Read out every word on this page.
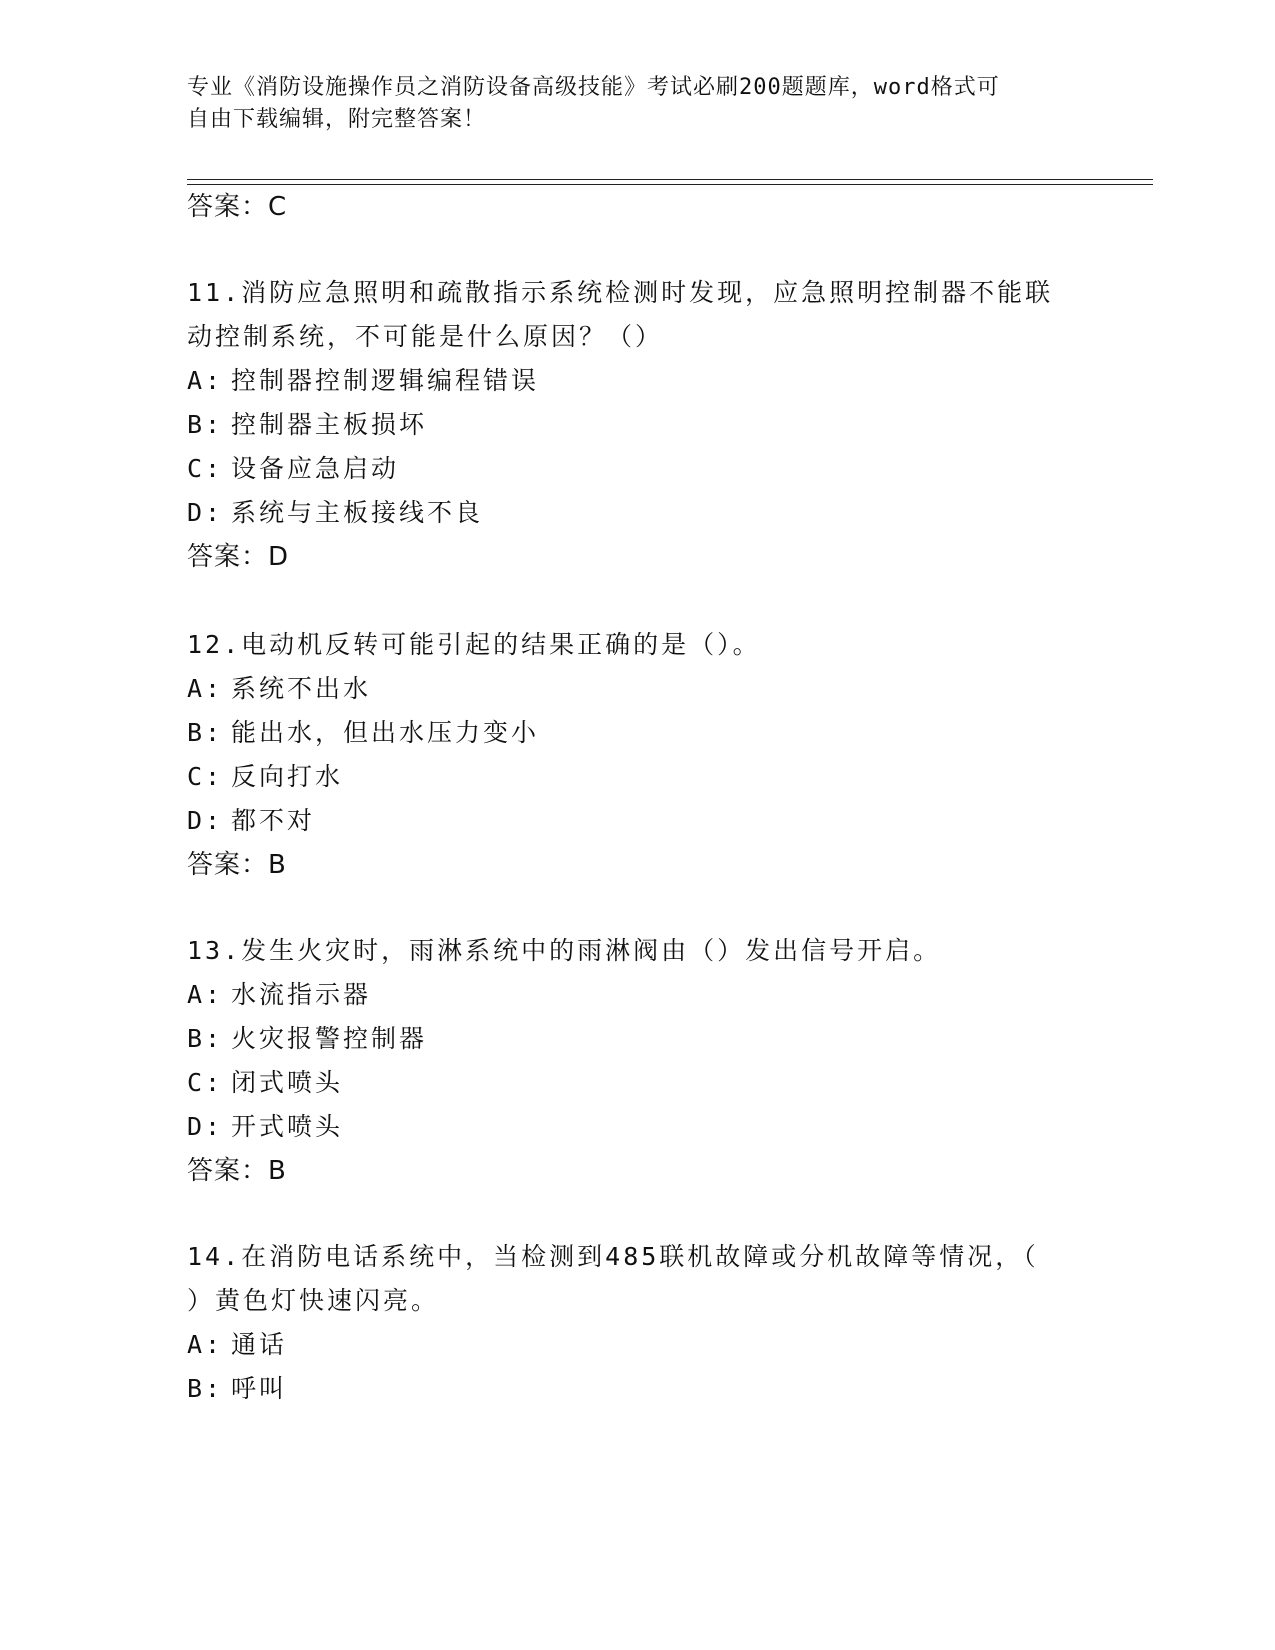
专业《消防设施操作员之消防设备高级技能》考试必刷200题题库，word格式可
自由下载编辑，附完整答案！
答案：C
11.消防应急照明和疏散指示系统检测时发现，应急照明控制器不能联
动控制系统，不可能是什么原因？（）
A: 控制器控制逻辑编程错误
B: 控制器主板损坏
C: 设备应急启动
D: 系统与主板接线不良
答案：D
12.电动机反转可能引起的结果正确的是（）。
A: 系统不出水
B: 能出水，但出水压力变小
C: 反向打水
D: 都不对
答案：B
13.发生火灾时，雨淋系统中的雨淋阀由（）发出信号开启。
A: 水流指示器
B: 火灾报警控制器
C: 闭式喷头
D: 开式喷头
答案：B
14.在消防电话系统中，当检测到485联机故障或分机故障等情况，（
）黄色灯快速闪亮。
A: 通话
B: 呼叫
